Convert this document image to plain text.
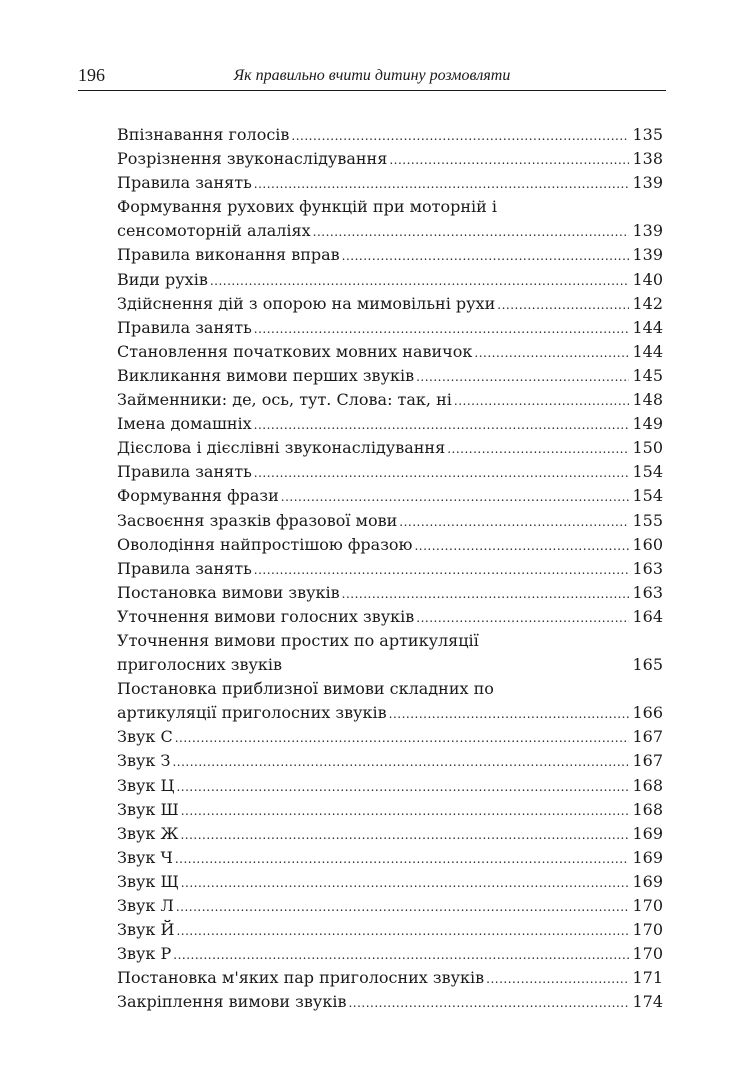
196	Як правильно вчити дитину розмовляти
Впізнавання голосів .....	135
Розрізнення звуконаслідування .....	138
Правила занять .....	139
Формування рухових функцій при моторній і
сенсомоторній алаліях .....	139
Правила виконання вправ .....	139
Види рухів .....	140
Здійснення дій з опорою на мимовільні рухи .....	142
Правила занять .....	144
Становлення початкових мовних навичок .....	144
Викликання вимови перших звуків .....	145
Займенники: де, ось, тут. Слова: так, ні .....	148
Імена домашніх .....	149
Дієслова і дієслівні звуконаслідування .....	150
Правила занять .....	154
Формування фрази .....	154
Засвоєння зразків фразової мови .....	155
Оволодіння найпростішою фразою .....	160
Правила занять .....	163
Постановка вимови звуків .....	163
Уточнення вимови голосних звуків .....	164
Уточнення вимови простих по артикуляції
приголосних звуків	165
Постановка приблизної вимови складних по
артикуляції приголосних звуків .....	166
Звук С .....	167
Звук З .....	167
Звук Ц .....	168
Звук Ш .....	168
Звук Ж .....	169
Звук Ч .....	169
Звук Щ .....	169
Звук Л .....	170
Звук Й .....	170
Звук Р .....	170
Постановка м'яких пар приголосних звуків .....	171
Закріплення вимови звуків .....	174
